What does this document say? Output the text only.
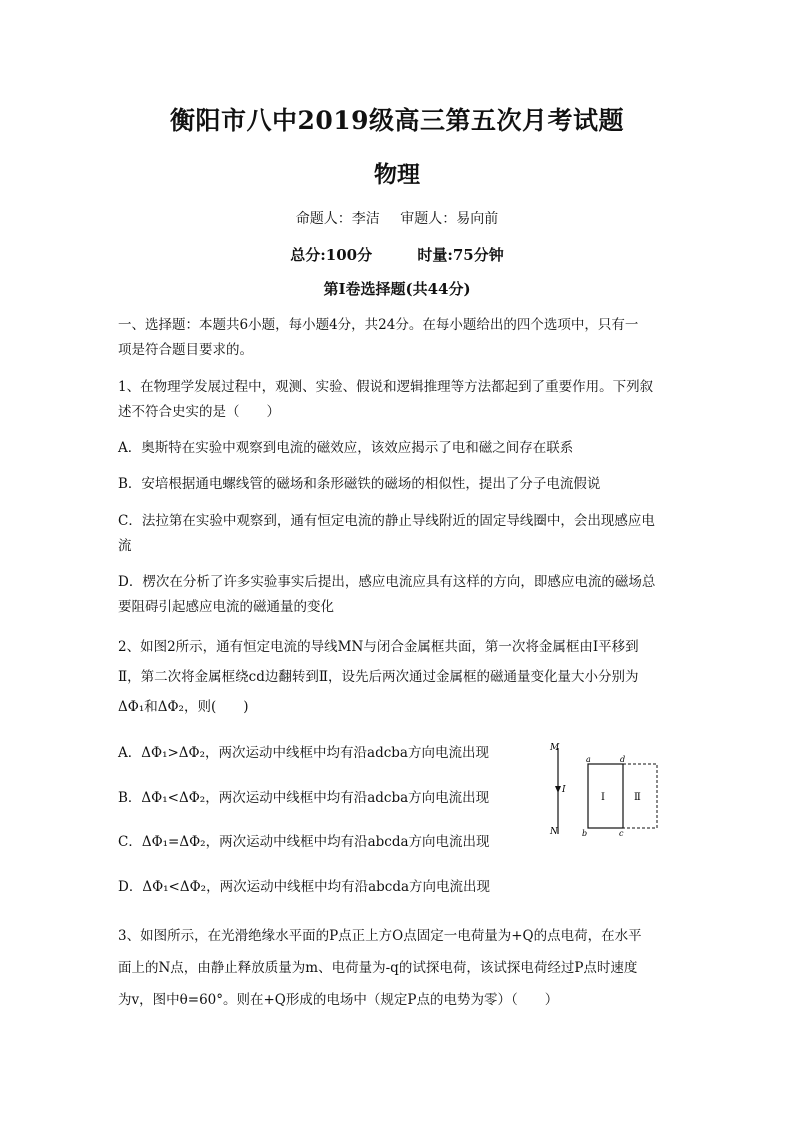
衡阳市八中2019级高三第五次月考试题
物理
命题人：李洁 审题人：易向前
总分:100分	时量:75分钟
第Ⅰ卷选择题(共44分)
一、选择题：本题共6小题，每小题4分，共24分。在每小题给出的四个选项中，只有一
项是符合题目要求的。
1、在物理学发展过程中，观测、实验、假说和逻辑推理等方法都起到了重要作用。下列叙
述不符合史实的是（　　）
A．奥斯特在实验中观察到电流的磁效应，该效应揭示了电和磁之间存在联系
B．安培根据通电螺线管的磁场和条形磁铁的磁场的相似性，提出了分子电流假说
C．法拉第在实验中观察到，通有恒定电流的静止导线附近的固定导线圈中，会出现感应电
流
D．楞次在分析了许多实验事实后提出，感应电流应具有这样的方向，即感应电流的磁场总
要阻碍引起感应电流的磁通量的变化
2、如图2所示，通有恒定电流的导线MN与闭合金属框共面，第一次将金属框由Ⅰ平移到
Ⅱ，第二次将金属框绕cd边翻转到Ⅱ，设先后两次通过金属框的磁通量变化量大小分别为
ΔΦ₁和ΔΦ₂，则(　　)
A．ΔΦ₁>ΔΦ₂，两次运动中线框中均有沿adcba方向电流出现
B．ΔΦ₁<ΔΦ₂，两次运动中线框中均有沿adcba方向电流出现
C．ΔΦ₁=ΔΦ₂，两次运动中线框中均有沿abcda方向电流出现
D．ΔΦ₁<ΔΦ₂，两次运动中线框中均有沿abcda方向电流出现
M
N
I
a	d
b	c
Ⅰ	Ⅱ
3、如图所示，在光滑绝缘水平面的P点正上方O点固定一电荷量为+Q的点电荷，在水平
面上的N点，由静止释放质量为m、电荷量为-q的试探电荷，该试探电荷经过P点时速度
为v，图中θ=60°。则在+Q形成的电场中（规定P点的电势为零）（　　）
